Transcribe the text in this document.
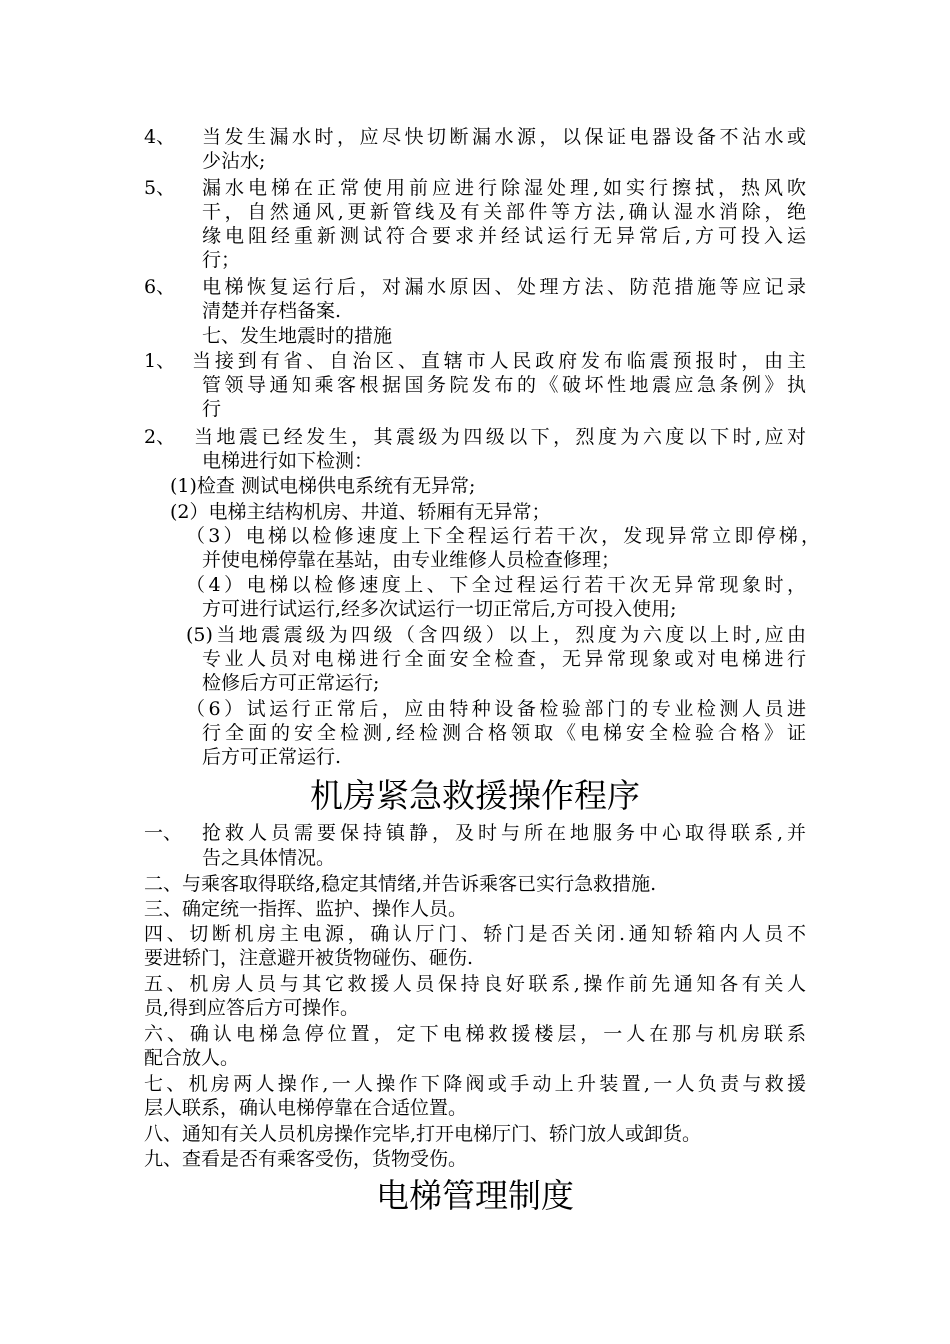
4、 当发生漏水时，应尽快切断漏水源，以保证电器设备不沾水或
少沾水;
5、 漏水电梯在正常使用前应进行除湿处理,如实行擦拭，热风吹
干，自然通风,更新管线及有关部件等方法,确认湿水消除，绝
缘电阻经重新测试符合要求并经试运行无异常后,方可投入运
行；
6、 电梯恢复运行后，对漏水原因、处理方法、防范措施等应记录
清楚并存档备案.
七、发生地震时的措施
1、 当接到有省、自治区、直辖市人民政府发布临震预报时，由主
管领导通知乘客根据国务院发布的《破坏性地震应急条例》执
行
2、 当地震已经发生，其震级为四级以下，烈度为六度以下时,应对
电梯进行如下检测：
(1)检查 测试电梯供电系统有无异常;
(2）电梯主结构机房、井道、轿厢有无异常；
（3）电梯以检修速度上下全程运行若干次，发现异常立即停梯，
并使电梯停靠在基站，由专业维修人员检查修理；
（4）电梯以检修速度上、下全过程运行若干次无异常现象时，
方可进行试运行,经多次试运行一切正常后,方可投入使用;
(5)当地震震级为四级（含四级）以上，烈度为六度以上时,应由
专业人员对电梯进行全面安全检查，无异常现象或对电梯进行
检修后方可正常运行;
（6）试运行正常后，应由特种设备检验部门的专业检测人员进
行全面的安全检测,经检测合格领取《电梯安全检验合格》证
后方可正常运行.
机房紧急救援操作程序
一、 抢救人员需要保持镇静，及时与所在地服务中心取得联系,并
告之具体情况。
二、与乘客取得联络,稳定其情绪,并告诉乘客已实行急救措施.
三、确定统一指挥、监护、操作人员。
四、切断机房主电源，确认厅门、轿门是否关闭.通知轿箱内人员不
要进轿门，注意避开被货物碰伤、砸伤.
五、机房人员与其它救援人员保持良好联系,操作前先通知各有关人
员,得到应答后方可操作。
六、确认电梯急停位置，定下电梯救援楼层，一人在那与机房联系
配合放人。
七、机房两人操作,一人操作下降阀或手动上升装置,一人负责与救援
层人联系，确认电梯停靠在合适位置。
八、通知有关人员机房操作完毕,打开电梯厅门、轿门放人或卸货。
九、查看是否有乘客受伤，货物受伤。
电梯管理制度
